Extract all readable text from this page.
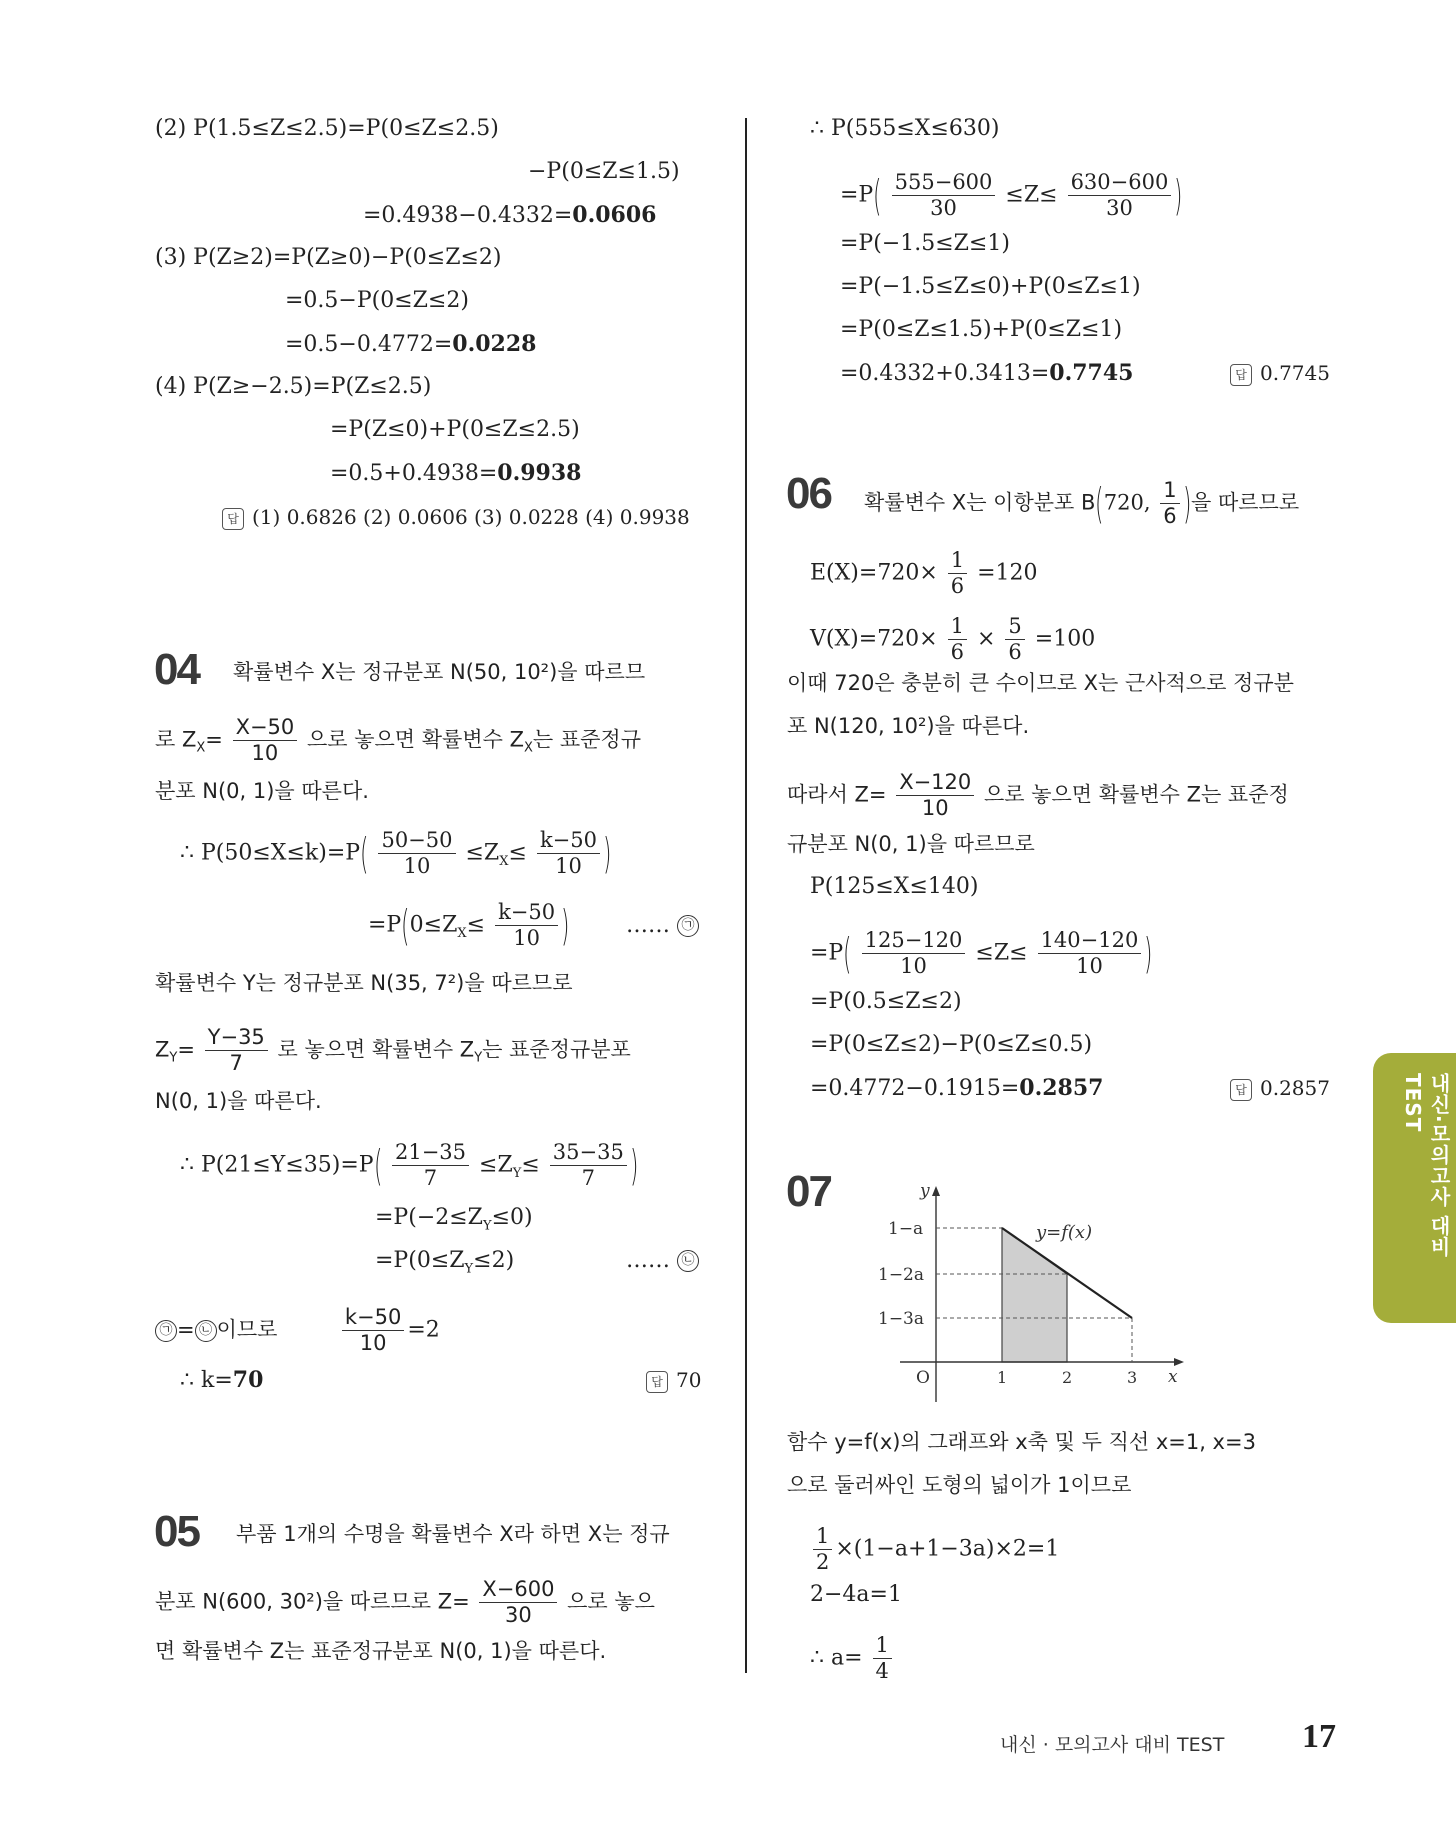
(2) P(1.5≤Z≤2.5)=P(0≤Z≤2.5)
−P(0≤Z≤1.5)
=0.4938−0.4332=0.0606
(3) P(Z≥2)=P(Z≥0)−P(0≤Z≤2)
=0.5−P(0≤Z≤2)
=0.5−0.4772=0.0228
(4) P(Z≥−2.5)=P(Z≤2.5)
=P(Z≤0)+P(0≤Z≤2.5)
=0.5+0.4938=0.9938
답 (1) 0.6826 (2) 0.0606 (3) 0.0228 (4) 0.9938
04 확률변수 X는 정규분포 N(50, 10²)을 따르므
로 $Z_X= \frac{X-50}{10}$ 으로 놓으면 확률변수 $Z_X$는 표준정규
분포 N(0, 1)을 따른다.
∴ $P(50\le X\le k)=P( \frac{50-50}{10} \le Z_X\le \frac{k-50}{10}$ )
$=P(0\le Z_X\le \frac{k-50}{10}$ )	…… ㉠
확률변수 Y는 정규분포 N(35, 7²)을 따르므로
$Z_Y= \frac{Y-35}{7}$ 로 놓으면 확률변수 $Z_Y$는 표준정규분포
N(0, 1)을 따른다.
∴ $P(21\le Y\le 35)=P( \frac{21-35}{7} \le Z_Y\le \frac{35-35}{7}$ )
$=P(-2\le Z_Y\le 0)$
$=P(0\le Z_Y\le 2)$	…… ㉡
㉠ = ㉡ 이므로	$\frac{k-50}{10} =2$
∴ k=70	답 70
05 부품 1개의 수명을 확률변수 X라 하면 X는 정규
분포 N(600, 30²)을 따르므로 $Z= \frac{X-600}{30}$ 으로 놓으
면 확률변수 Z는 표준정규분포 N(0, 1)을 따른다.
∴ P(555≤X≤630)
$=P( \frac{555-600}{30} \le Z\le \frac{630-600}{30}$ )
=P(−1.5≤Z≤1)
=P(−1.5≤Z≤0)+P(0≤Z≤1)
=P(0≤Z≤1.5)+P(0≤Z≤1)
=0.4332+0.3413=0.7745	답 0.7745
06 확률변수 X는 이항분포 B(720, $\frac{1}{6}$ )을 따르므로
$E(X)=720\times \frac{1}{6} =120$
$V(X)=720\times \frac{1}{6} \times \frac{5}{6} =100$
이때 720은 충분히 큰 수이므로 X는 근사적으로 정규분
포 N(120, 10²)을 따른다.
따라서 $Z= \frac{X-120}{10}$ 으로 놓으면 확률변수 Z는 표준정
규분포 N(0, 1)을 따르므로
P(125≤X≤140)
$=P( \frac{125-120}{10} \le Z\le \frac{140-120}{10}$ )
=P(0.5≤Z≤2)
=P(0≤Z≤2)−P(0≤Z≤0.5)
=0.4772−0.1915=0.2857	답 0.2857
07	y
x
O
1−a
1−2a
1−3a
1	2	3
y=f(x)
함수 y=f(x)의 그래프와 x축 및 두 직선 x=1, x=3
으로 둘러싸인 도형의 넓이가 1이므로
$\frac{1}{2} \times(1-a+1-3a)\times 2=1$
2−4a=1
∴ $a= \frac{1}{4}$
내신·모의고사 대비 TEST
내신 · 모의고사 대비 TEST 17
